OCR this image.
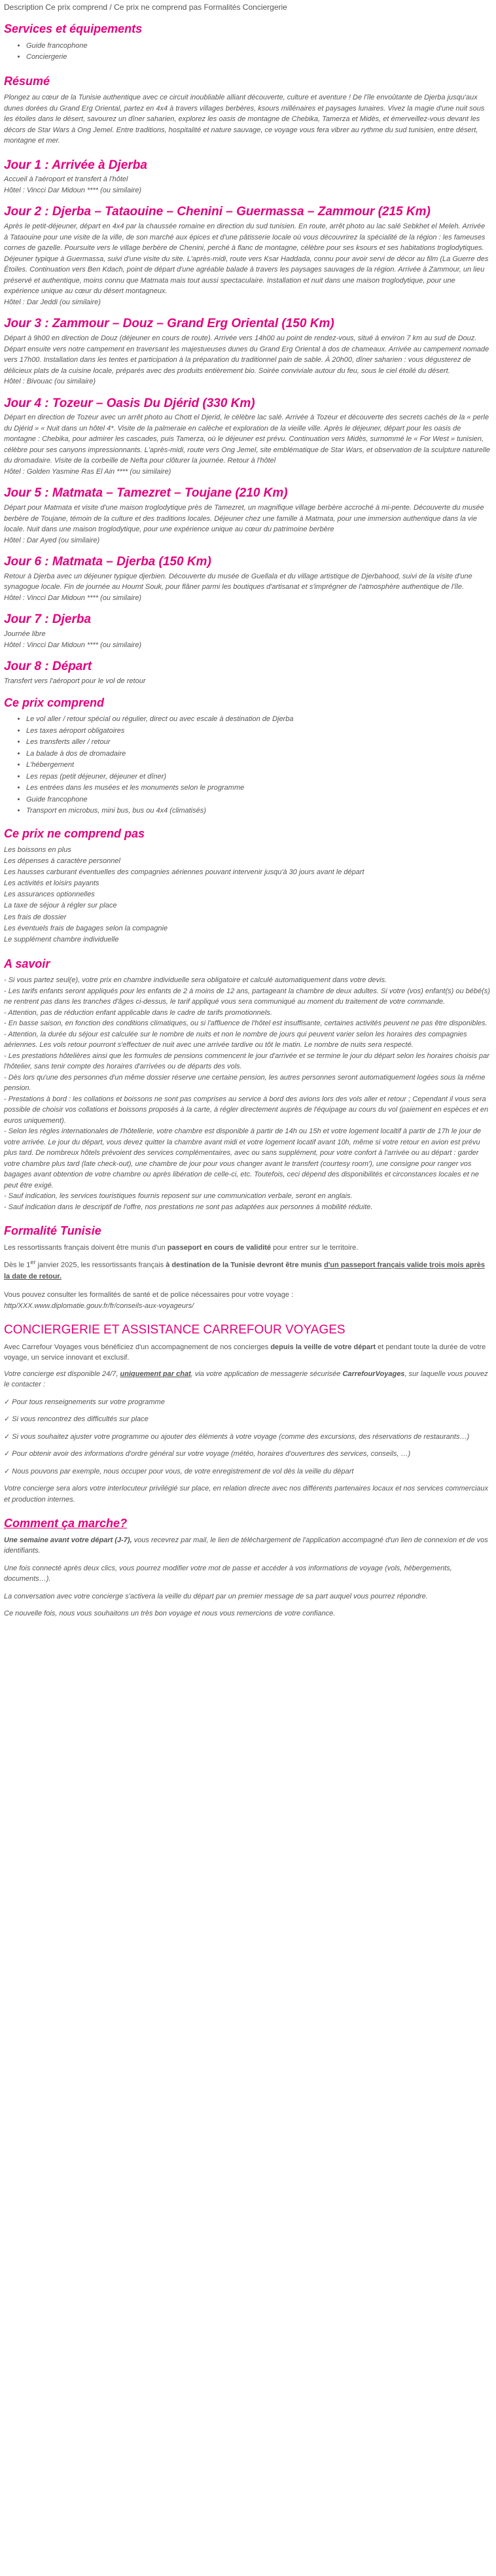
Description Ce prix comprend / Ce prix ne comprend pas Formalités Conciergerie
Services et équipements
• Guide francophone
• Conciergerie
Résumé

Plongez au cœur de la Tunisie authentique avec ce circuit inoubliable alliant découverte, culture et aventure ! De l'île envoûtante de Djerba jusqu'aux dunes dorées du Grand Erg Oriental, partez en 4x4 à travers villages berbères, ksours millénaires et paysages lunaires. Vivez la magie d'une nuit sous les étoiles dans le désert, savourez un dîner saharien, explorez les oasis de montagne de Chebika, Tamerza et Midès, et émerveillez-vous devant les décors de Star Wars à Ong Jemel. Entre traditions, hospitalité et nature sauvage, ce voyage vous fera vibrer au rythme du sud tunisien, entre désert, montagne et mer.

Jour 1 : Arrivée à Djerba

Accueil à l'aéroport et transfert à l'hôtel

Hôtel : Vincci Dar Midoun **** (ou similaire)

Jour 2 : Djerba – Tataouine – Chenini – Guermassa – Zammour (215 Km)

Après le petit-déjeuner, départ en 4x4 par la chaussée romaine en direction du sud tunisien. En route, arrêt photo au lac salé Sebkhet el Meleh. Arrivée à Tataouine pour une visite de la ville, de son marché aux épices et d'une pâtisserie locale où vous découvrirez la spécialité de la région : les fameuses cornes de gazelle. Poursuite vers le village berbère de Chenini, perché à flanc de montagne, célèbre pour ses ksours et ses habitations troglodytiques. Déjeuner typique à Guermassa, suivi d'une visite du site. L'après-midi, route vers Ksar Haddada, connu pour avoir servi de décor au film (La Guerre des Étoiles. Continuation vers Ben Kdach, point de départ d'une agréable balade à travers les paysages sauvages de la région. Arrivée à Zammour, un lieu préservé et authentique, moins connu que Matmata mais tout aussi spectaculaire. Installation et nuit dans une maison troglodytique, pour une expérience unique au cœur du désert montagneux.

Hôtel : Dar Jeddi (ou similaire)

Jour 3 : Zammour – Douz – Grand Erg Oriental (150 Km)

Départ à 9h00 en direction de Douz (déjeuner en cours de route). Arrivée vers 14h00 au point de rendez-vous, situé à environ 7 km au sud de Douz. Départ ensuite vers notre campement en traversant les majestueuses dunes du Grand Erg Oriental à dos de chameaux. Arrivée au campement nomade vers 17h00. Installation dans les tentes et participation à la préparation du traditionnel pain de sable. À 20h00, dîner saharien : vous dégusterez de délicieux plats de la cuisine locale, préparés avec des produits entièrement bio. Soirée conviviale autour du feu, sous le ciel étoilé du désert.

Hôtel : Bivouac (ou similaire)

Jour 4 : Tozeur – Oasis Du Djérid (330 Km)

Départ en direction de Tozeur avec un arrêt photo au Chott el Djerid, le célèbre lac salé. Arrivée à Tozeur et découverte des secrets cachés de la « perle du Djérid » « Nuit dans un hôtel 4*. Visite de la palmeraie en calèche et exploration de la vieille ville. Après le déjeuner, départ pour les oasis de montagne : Chebika, pour admirer les cascades, puis Tamerza, où le déjeuner est prévu. Continuation vers Midès, surnommé le « For West » tunisien, célèbre pour ses canyons impressionnants. L'après-midi, route vers Ong Jemel, site emblématique de Star Wars, et observation de la sculpture naturelle du dromadaire. Visite de la corbeille de Nefta pour clôturer la journée. Retour à l'hôtel

Hôtel : Golden Yasmine Ras El Ain **** (ou similaire)

Jour 5 : Matmata – Tamezret – Toujane (210 Km)

Départ pour Matmata et visite d'une maison troglodytique près de Tamezret, un magnifique village berbère accroché à mi-pente. Découverte du musée berbère de Toujane, témoin de la culture et des traditions locales. Déjeuner chez une famille à Matmata, pour une immersion authentique dans la vie locale. Nuit dans une maison troglodytique, pour une expérience unique au cœur du patrimoine berbère

Hôtel : Dar Ayed (ou similaire)

Jour 6 : Matmata – Djerba (150 Km)

Retour à Djerba avec un déjeuner typique djerbien. Découverte du musée de Guellala et du village artistique de Djerbahood, suivi de la visite d'une synagogue locale. Fin de journée au Houmt Souk, pour flâner parmi les boutiques d'artisanat et s'imprégner de l'atmosphère authentique de l'île.

Hôtel : Vincci Dar Midoun **** (ou similaire)

Jour 7 : Djerba

Journée libre

Hôtel : Vincci Dar Midoun **** (ou similaire)

Jour 8 : Départ

Transfert vers l'aéroport pour le vol de retour

Ce prix comprend
• Le vol aller / retour spécial ou régulier, direct ou avec escale à destination de Djerba
• Les taxes aéroport obligatoires
• Les transferts aller / retour
• La balade à dos de dromadaire
• L'hébergement
• Les repas (petit déjeuner, déjeuner et dîner)
• Les entrées dans les musées et les monuments selon le programme
• Guide francophone
• Transport en microbus, mini bus, bus ou 4x4 (climatisés)
Ce prix ne comprend pas
Les boissons en plus
Les dépenses à caractère personnel
Les hausses carburant éventuelles des compagnies aériennes pouvant intervenir jusqu'à 30 jours avant le départ
Les activités et loisirs payants
Les assurances optionnelles
La taxe de séjour à régler sur place
Les frais de dossier
Les éventuels frais de bagages selon la compagnie
Le supplément chambre individuelle
A savoir

- Si vous partez seul(e), votre prix en chambre individuelle sera obligatoire et calculé automatiquement dans votre devis.

- Les tarifs enfants seront appliqués pour les enfants de 2 à moins de 12 ans, partageant la chambre de deux adultes. Si votre (vos) enfant(s) ou bébé(s) ne rentrent pas dans les tranches d'âges ci-dessus, le tarif appliqué vous sera communiqué au moment du traitement de votre commande.

- Attention, pas de réduction enfant applicable dans le cadre de tarifs promotionnels.

- En basse saison, en fonction des conditions climatiques, ou si l'affluence de l'hôtel est insuffisante, certaines activités peuvent ne pas être disponibles.

- Attention, la durée du séjour est calculée sur le nombre de nuits et non le nombre de jours qui peuvent varier selon les horaires des compagnies aériennes. Les vols retour pourront s'effectuer de nuit avec une arrivée tardive ou tôt le matin. Le nombre de nuits sera respecté.

- Les prestations hôtelières ainsi que les formules de pensions commencent le jour d'arrivée et se termine le jour du départ selon les horaires choisis par l'hôtelier, sans tenir compte des horaires d'arrivées ou de départs des vols.

- Dès lors qu'une des personnes d'un même dossier réserve une certaine pension, les autres personnes seront automatiquement logées sous la même pension.

- Prestations à bord : les collations et boissons ne sont pas comprises au service à bord des avions lors des vols aller et retour ; Cependant il vous sera possible de choisir vos collations et boissons proposés à la carte, à régler directement auprès de l'équipage au cours du vol (paiement en espèces et en euros uniquement).

- Selon les règles internationales de l'hôtellerie, votre chambre est disponible à partir de 14h ou 15h et votre logement localtif à partir de 17h le jour de votre arrivée. Le jour du départ, vous devez quitter la chambre avant midi et votre logement locatif avant 10h, même si votre retour en avion est prévu plus tard. De nombreux hôtels prévoient des services complémentaires, avec ou sans supplément, pour votre confort à l'arrivée ou au départ : garder votre chambre plus tard (late check-out), une chambre de jour pour vous changer avant le transfert (courtesy room'), une consigne pour ranger vos bagages avant obtention de votre chambre ou après libération de celle-ci, etc. Toutefois, ceci dépend des disponibilités et circonstances locales et ne peut être exigé.

- Sauf indication, les services touristiques fournis reposent sur une communication verbale, seront en anglais.

- Sauf indication dans le descriptif de l'offre, nos prestations ne sont pas adaptées aux personnes à mobilité réduite.

Formalité Tunisie

Les ressortissants français doivent être munis d'un passeport en cours de validité pour entrer sur le territoire.

Dès le 1er janvier 2025, les ressortissants français à destination de la Tunisie devront être munis d'un passeport français valide trois mois après la date de retour.

Vous pouvez consulter les formalités de santé et de police nécessaires pour votre voyage :

http/XXX.www.diplomatie.gouv.fr/fr/conseils-aux-voyageurs/

CONCIERGERIE ET ASSISTANCE CARREFOUR VOYAGES

Avec Carrefour Voyages vous bénéficiez d'un accompagnement de nos concierges depuis la veille de votre départ et pendant toute la durée de votre voyage, un service innovant et exclusif.

Votre concierge est disponible 24/7, uniquement par chat, via votre application de messagerie sécurisée CarrefourVoyages, sur laquelle vous pouvez le contacter :

✓ Pour tous renseignements sur votre programme

✓ Si vous rencontrez des difficultés sur place

✓ Si vous souhaitez ajuster votre programme ou ajouter des éléments à votre voyage (comme des excursions, des réservations de restaurants…)

✓ Pour obtenir avoir des informations d'ordre général sur votre voyage (météo, horaires d'ouvertures des services, conseils, …)

✓ Nous pouvons par exemple, nous occuper pour vous, de votre enregistrement de vol dès la veille du départ

Votre concierge sera alors votre interlocuteur privilégié sur place, en relation directe avec nos différents partenaires locaux et nos services commerciaux et production internes.

Comment ça marche?

Une semaine avant votre départ (J-7), vous recevrez par mail, le lien de téléchargement de l'application accompagné d'un lien de connexion et de vos identifiants.

Une fois connecté après deux clics, vous pourrez modifier votre mot de passe et accéder à vos informations de voyage (vols, hébergements, documents…).

La conversation avec votre concierge s'activera la veille du départ par un premier message de sa part auquel vous pourrez répondre.

Ce nouvelle fois, nous vous souhaitons un très bon voyage et nous vous remercions de votre confiance.
